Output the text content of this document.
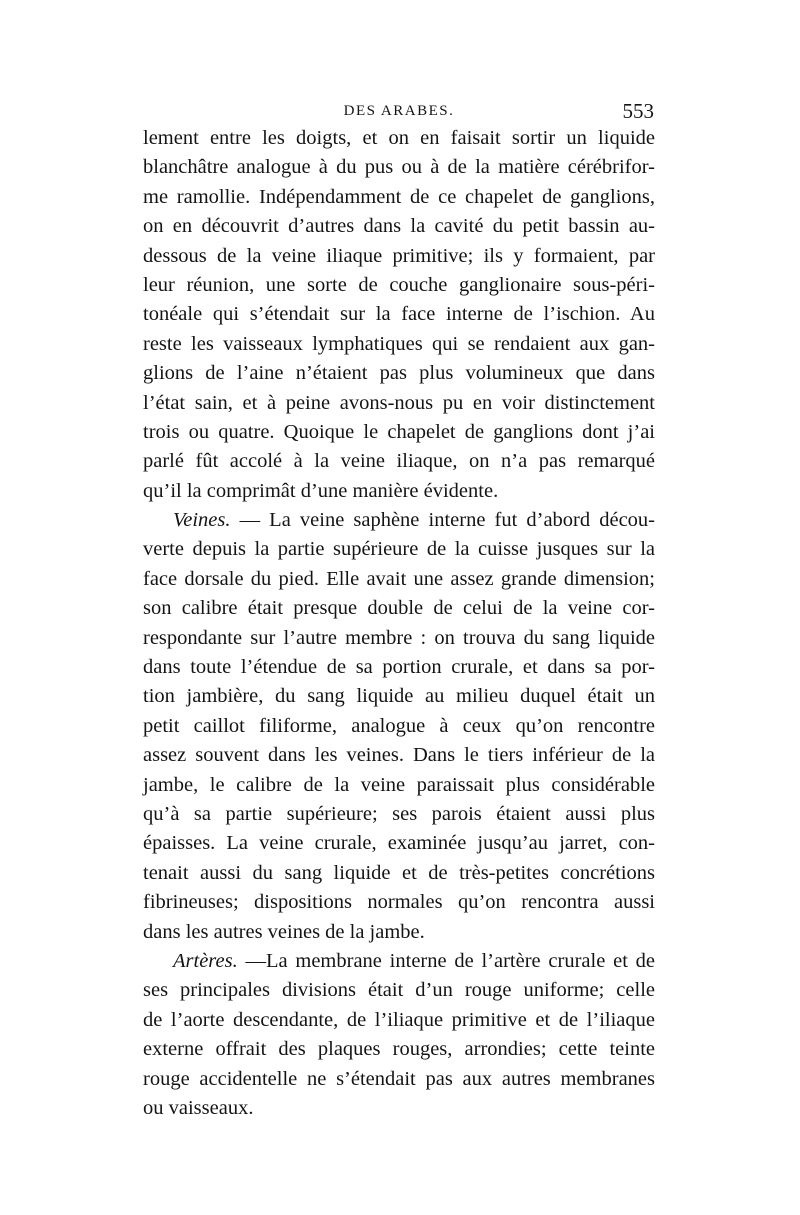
DES ARABES.	553
lement entre les doigts, et on en faisait sortir un liquide
blanchâtre analogue à du pus ou à de la matière cérébrifor-
me ramollie. Indépendamment de ce chapelet de ganglions,
on en découvrit d’autres dans la cavité du petit bassin au-
dessous de la veine iliaque primitive; ils y formaient, par
leur réunion, une sorte de couche ganglionaire sous-péri-
tonéale qui s’étendait sur la face interne de l’ischion. Au
reste les vaisseaux lymphatiques qui se rendaient aux gan-
glions de l’aine n’étaient pas plus volumineux que dans
l’état sain, et à peine avons-nous pu en voir distinctement
trois ou quatre. Quoique le chapelet de ganglions dont j’ai
parlé fût accolé à la veine iliaque, on n’a pas remarqué
qu’il la comprimât d’une manière évidente.
Veines. — La veine saphène interne fut d’abord décou-
verte depuis la partie supérieure de la cuisse jusques sur la
face dorsale du pied. Elle avait une assez grande dimension;
son calibre était presque double de celui de la veine cor-
respondante sur l’autre membre : on trouva du sang liquide
dans toute l’étendue de sa portion crurale, et dans sa por-
tion jambière, du sang liquide au milieu duquel était un
petit caillot filiforme, analogue à ceux qu’on rencontre
assez souvent dans les veines. Dans le tiers inférieur de la
jambe, le calibre de la veine paraissait plus considérable
qu’à sa partie supérieure; ses parois étaient aussi plus
épaisses. La veine crurale, examinée jusqu’au jarret, con-
tenait aussi du sang liquide et de très-petites concrétions
fibrineuses; dispositions normales qu’on rencontra aussi
dans les autres veines de la jambe.
Artères. —La membrane interne de l’artère crurale et de
ses principales divisions était d’un rouge uniforme; celle
de l’aorte descendante, de l’iliaque primitive et de l’iliaque
externe offrait des plaques rouges, arrondies; cette teinte
rouge accidentelle ne s’étendait pas aux autres membranes
ou vaisseaux.
